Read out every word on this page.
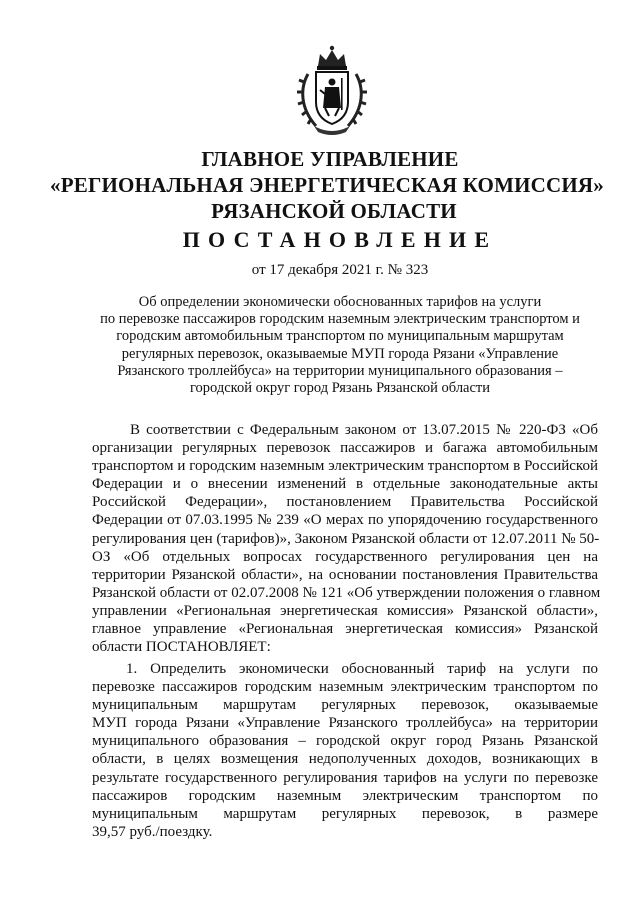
ГЛАВНОЕ УПРАВЛЕНИЕ
«РЕГИОНАЛЬНАЯ ЭНЕРГЕТИЧЕСКАЯ КОМИССИЯ»
РЯЗАНСКОЙ ОБЛАСТИ
ПОСТАНОВЛЕНИЕ
от 17 декабря 2021 г. № 323
Об определении экономически обоснованных тарифов на услуги
по перевозке пассажиров городским наземным электрическим транспортом и
городским автомобильным транспортом по муниципальным маршрутам
регулярных перевозок, оказываемые МУП города Рязани «Управление
Рязанского троллейбуса» на территории муниципального образования –
городской округ город Рязань Рязанской области
В соответствии с Федеральным законом от 13.07.2015 № 220-ФЗ «Об
организации регулярных перевозок пассажиров и багажа автомобильным
транспортом и городским наземным электрическим транспортом в Российской
Федерации и о внесении изменений в отдельные законодательные акты
Российской Федерации», постановлением Правительства Российской
Федерации от 07.03.1995 № 239 «О мерах по упорядочению государственного
регулирования цен (тарифов)», Законом Рязанской области от 12.07.2011 № 50-
ОЗ «Об отдельных вопросах государственного регулирования цен на
территории Рязанской области», на основании постановления Правительства
Рязанской области от 02.07.2008 № 121 «Об утверждении положения о главном
управлении «Региональная энергетическая комиссия» Рязанской области»,
главное управление «Региональная энергетическая комиссия» Рязанской
области ПОСТАНОВЛЯЕТ:
1. Определить экономически обоснованный тариф на услуги по
перевозке пассажиров городским наземным электрическим транспортом по
муниципальным маршрутам регулярных перевозок, оказываемые
МУП города Рязани «Управление Рязанского троллейбуса» на территории
муниципального образования – городской округ город Рязань Рязанской
области, в целях возмещения недополученных доходов, возникающих в
результате государственного регулирования тарифов на услуги по перевозке
пассажиров городским наземным электрическим транспортом по
муниципальным маршрутам регулярных перевозок, в размере
39,57 руб./поездку.
